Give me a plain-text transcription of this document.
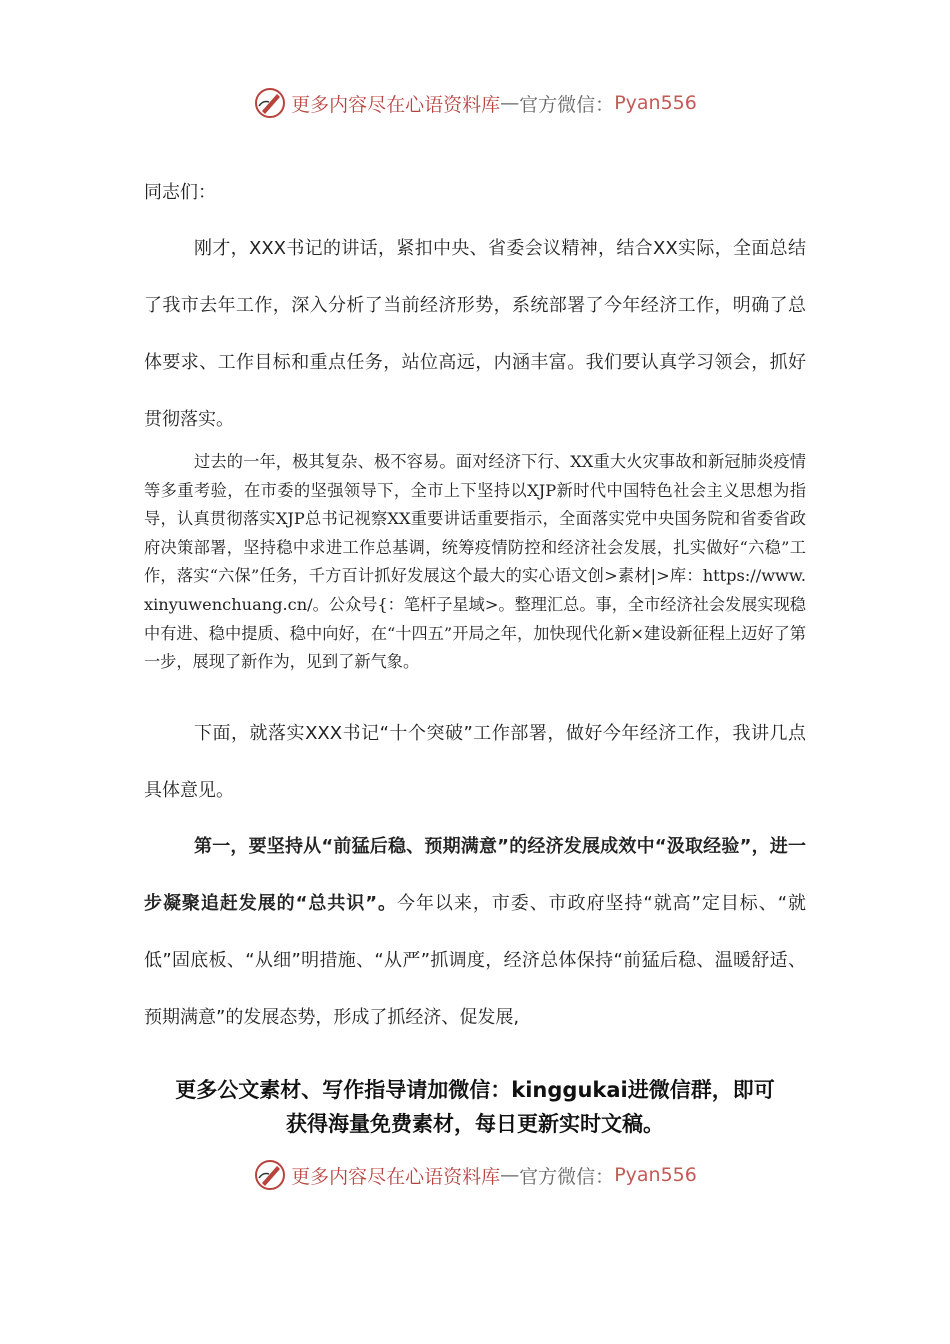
更多内容尽在心语资料库 — 官方微信： Pyan556

同志们：

刚才，XXX书记的讲话，紧扣中央、省委会议精神，结合XX实际，全面总结了我市去年工作，深入分析了当前经济形势，系统部署了今年经济工作，明确了总体要求、工作目标和重点任务，站位高远，内涵丰富。我们要认真学习领会，抓好贯彻落实。

过去的一年，极其复杂、极不容易。面对经济下行、XX重大火灾事故和新冠肺炎疫情等多重考验，在市委的坚强领导下，全市上下坚持以XJP新时代中国特色社会主义思想为指导，认真贯彻落实XJP总书记视察XX重要讲话重要指示，全面落实党中央国务院和省委省政府决策部署，坚持稳中求进工作总基调，统筹疫情防控和经济社会发展，扎实做好“六稳”工作，落实“六保”任务，千方百计抓好发展这个最大的实心语文创>素材|>库：https://www.xinyuwenchuang.cn/。公众号{：笔杆子星域>。整理汇总。事，全市经济社会发展实现稳中有进、稳中提质、稳中向好，在“十四五”开局之年，加快现代化新×建设新征程上迈好了第一步，展现了新作为，见到了新气象。

下面，就落实XXX书记“十个突破”工作部署，做好今年经济工作，我讲几点具体意见。

第一，要坚持从“前猛后稳、预期满意”的经济发展成效中“汲取经验”，进一步凝聚追赶发展的“总共识”。今年以来，市委、市政府坚持“就高”定目标、“就低”固底板、“从细”明措施、“从严”抓调度，经济总体保持“前猛后稳、温暖舒适、预期满意”的发展态势，形成了抓经济、促发展,

更多公文素材、写作指导请加微信：kinggukai进微信群，即可
获得海量免费素材，每日更新实时文稿。

更多内容尽在心语资料库 — 官方微信： Pyan556
